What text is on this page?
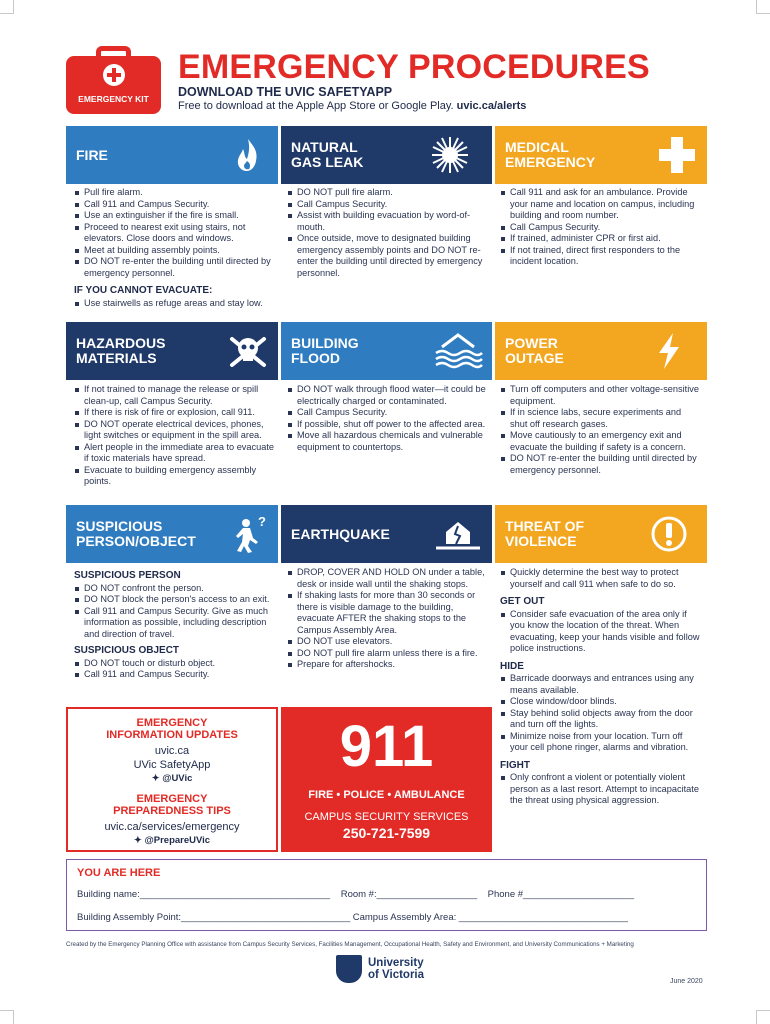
EMERGENCY KIT
EMERGENCY PROCEDURES
DOWNLOAD THE UVIC SAFETYAPP
Free to download at the Apple App Store or Google Play. uvic.ca/alerts
FIRE	NATURAL GAS LEAK
MEDICAL EMERGENCY
Pull fire alarm.
Call 911 and Campus Security.
Use an extinguisher if the fire is small.
Proceed to nearest exit using stairs, not elevators. Close doors and windows.
Meet at building assembly points.
DO NOT re-enter the building until directed by emergency personnel.
IF YOU CANNOT EVACUATE:
Use stairwells as refuge areas and stay low.
DO NOT pull fire alarm.
Call Campus Security.
Assist with building evacuation by word-of-mouth.
Once outside, move to designated building emergency assembly points and DO NOT re-enter the building until directed by emergency personnel.
Call 911 and ask for an ambulance. Provide your name and location on campus, including building and room number.
Call Campus Security.
If trained, administer CPR or first aid.
If not trained, direct first responders to the incident location.
HAZARDOUS MATERIALS
BUILDING FLOOD
POWER OUTAGE
If not trained to manage the release or spill clean-up, call Campus Security.
If there is risk of fire or explosion, call 911.
DO NOT operate electrical devices, phones, light switches or equipment in the spill area.
Alert people in the immediate area to evacuate if toxic materials have spread.
Evacuate to building emergency assembly points.
DO NOT walk through flood water—it could be electrically charged or contaminated.
Call Campus Security.
If possible, shut off power to the affected area.
Move all hazardous chemicals and vulnerable equipment to countertops.
Turn off computers and other voltage-sensitive equipment.
If in science labs, secure experiments and shut off research gases.
Move cautiously to an emergency exit and evacuate the building if safety is a concern.
DO NOT re-enter the building until directed by emergency personnel.
SUSPICIOUS PERSON/OBJECT
?
EARTHQUAKE	THREAT OF VIOLENCE
SUSPICIOUS PERSON
DO NOT confront the person.
DO NOT block the person's access to an exit.
Call 911 and Campus Security. Give as much information as possible, including description and direction of travel.
SUSPICIOUS OBJECT
DO NOT touch or disturb object.
Call 911 and Campus Security.
DROP, COVER AND HOLD ON under a table, desk or inside wall until the shaking stops.
If shaking lasts for more than 30 seconds or there is visible damage to the building, evacuate AFTER the shaking stops to the Campus Assembly Area.
DO NOT use elevators.
DO NOT pull fire alarm unless there is a fire.
Prepare for aftershocks.
Quickly determine the best way to protect yourself and call 911 when safe to do so.
GET OUT
Consider safe evacuation of the area only if you know the location of the threat. When evacuating, keep your hands visible and follow police instructions.
HIDE
Barricade doorways and entrances using any means available.
Close window/door blinds.
Stay behind solid objects away from the door and turn off the lights.
Minimize noise from your location. Turn off your cell phone ringer, alarms and vibration.
FIGHT
Only confront a violent or potentially violent person as a last resort. Attempt to incapacitate the threat using physical aggression.
EMERGENCY INFORMATION UPDATES
uvic.ca
UVic SafetyApp
✦ @UVic
EMERGENCY PREPAREDNESS TIPS
uvic.ca/services/emergency
✦ @PrepareUVic
911
FIRE • POLICE • AMBULANCE
CAMPUS SECURITY SERVICES
250-721-7599
YOU ARE HERE
Building name:____________________________________ Room #:___________________ Phone #_____________________
Building Assembly Point:________________________________ Campus Assembly Area: ________________________________
Created by the Emergency Planning Office with assistance from Campus Security Services, Facilities Management, Occupational Health, Safety and Environment, and University Communications + Marketing
University
of Victoria
June 2020
